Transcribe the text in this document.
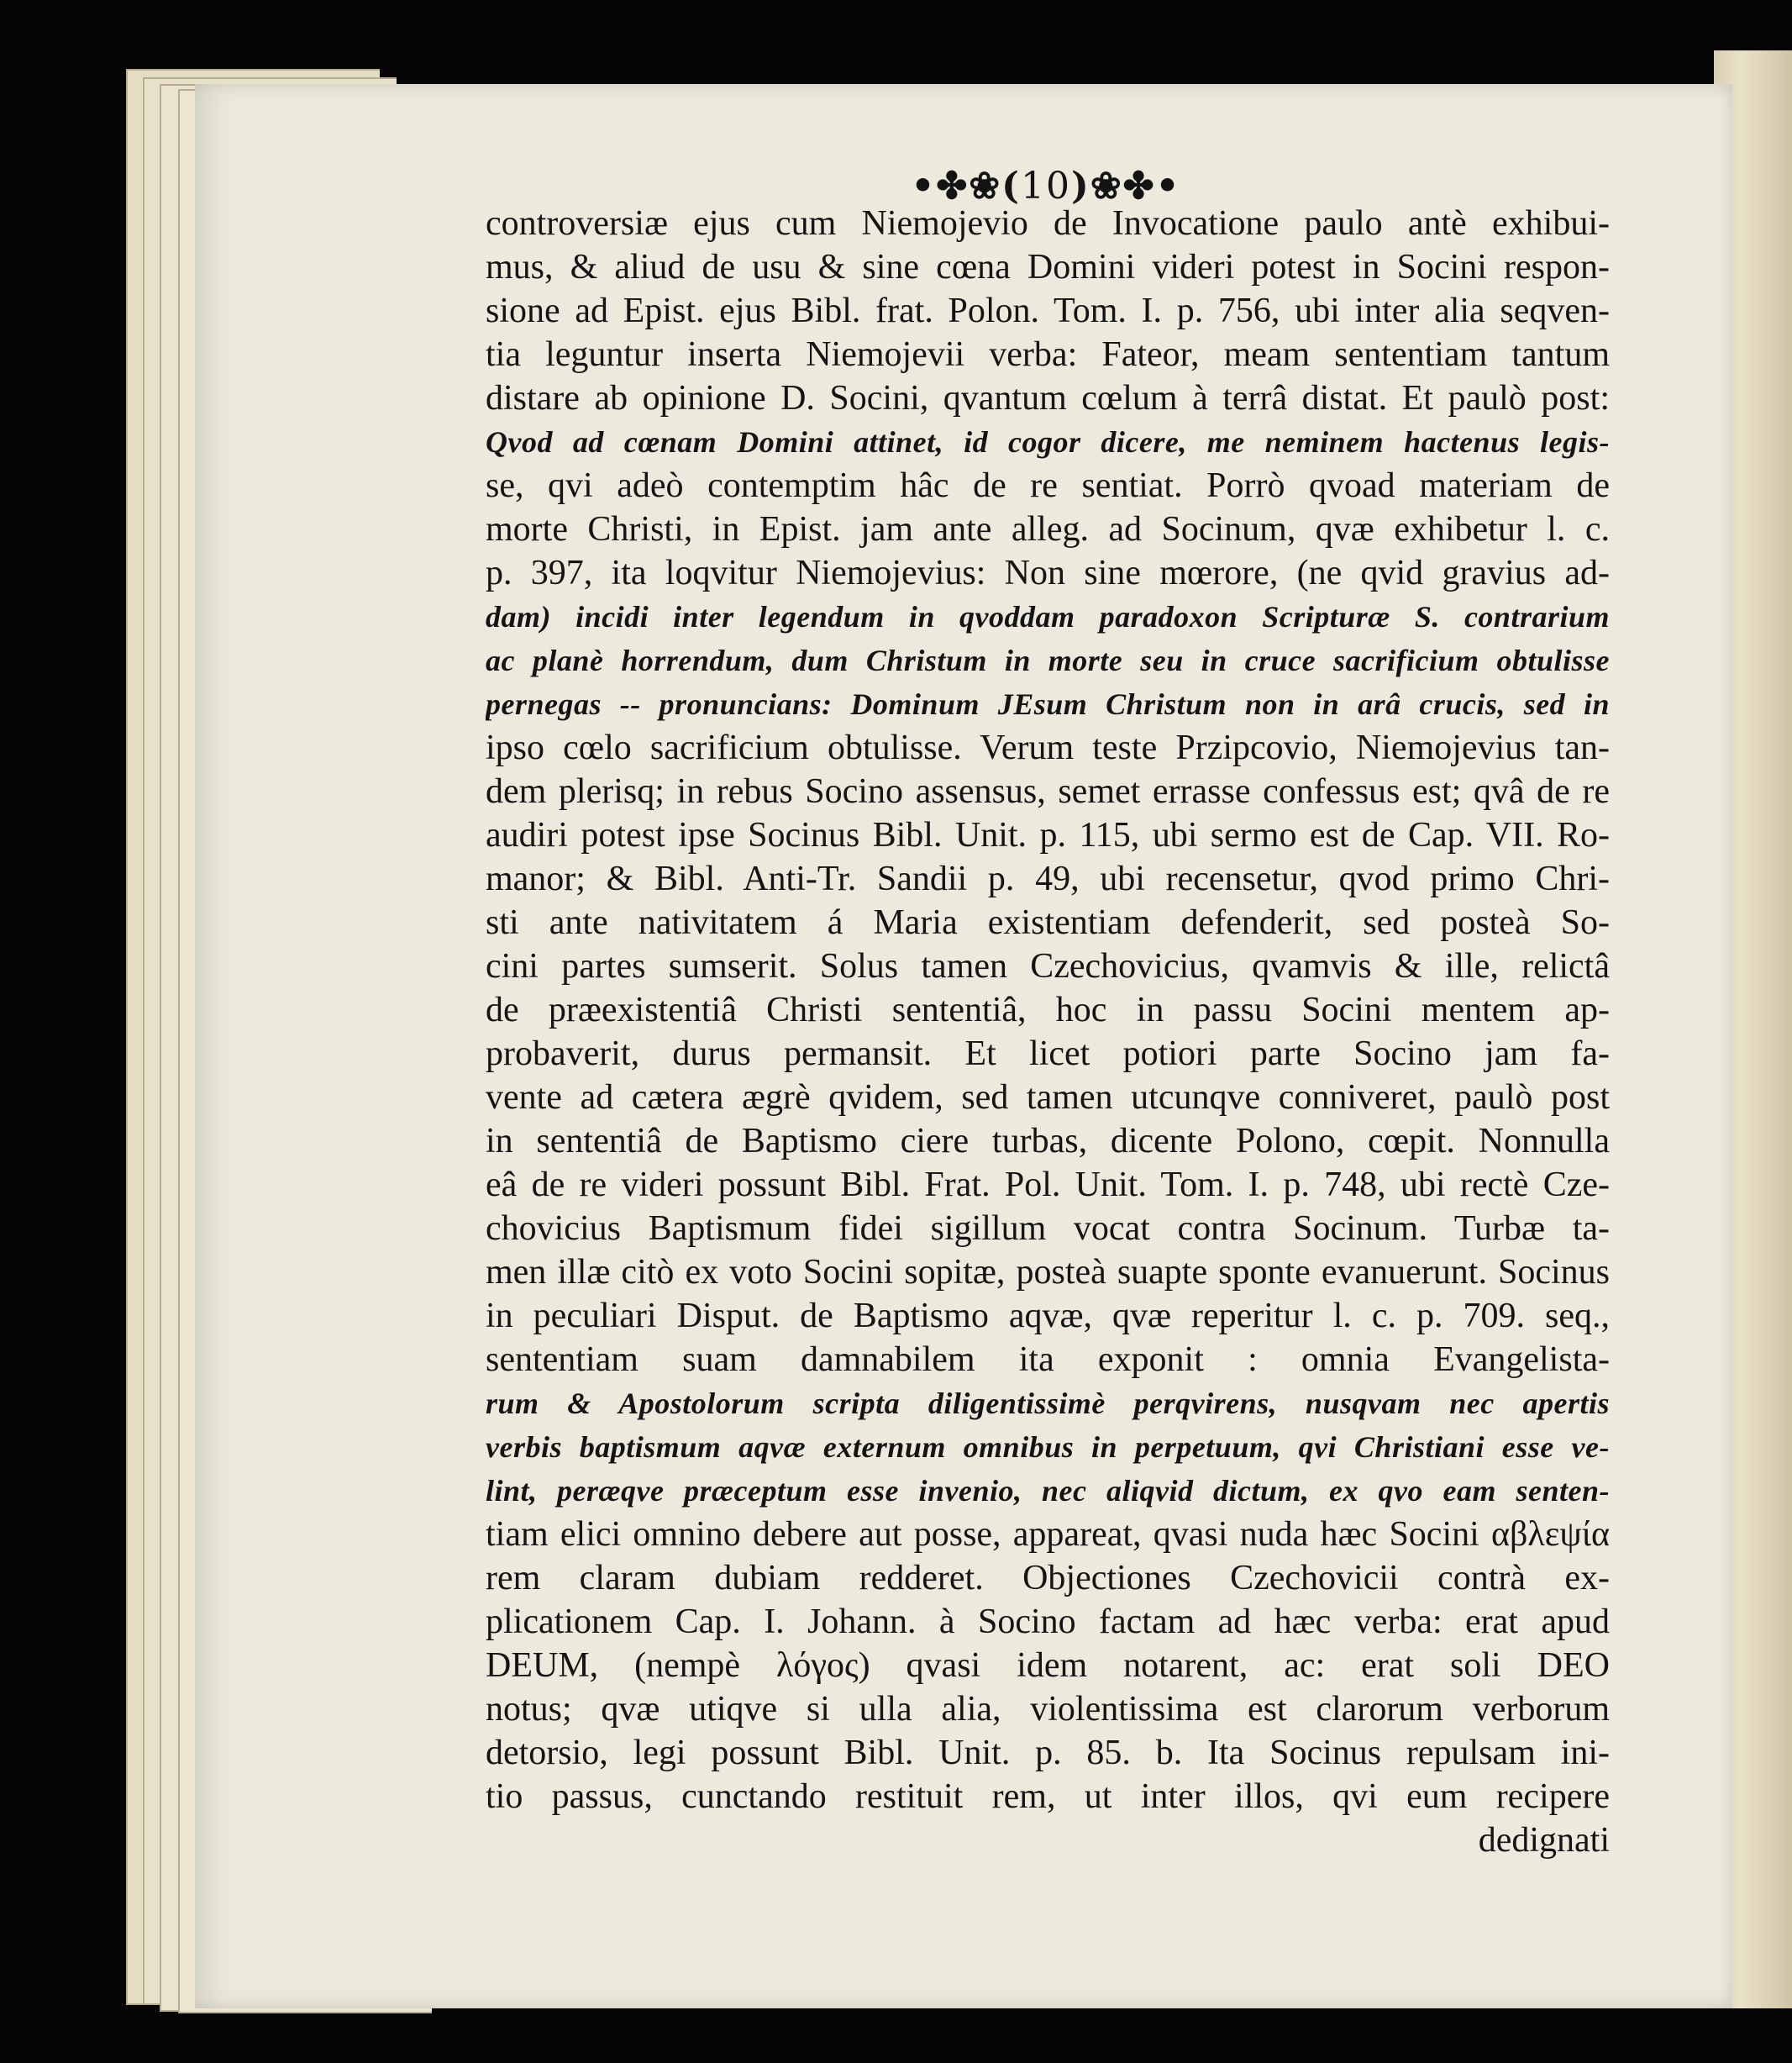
•✤❀(10)❀✤•
controversiæ ejus cum Niemojevio de Invocatione paulo antè exhibui-
mus, & aliud de usu & sine cœna Domini videri potest in Socini respon-
sione ad Epist. ejus Bibl. frat. Polon. Tom. I. p. 756, ubi inter alia seqven-
tia leguntur inserta Niemojevii verba: Fateor, meam sententiam tantum
distare ab opinione D. Socini, qvantum cœlum à terrâ distat. Et paulò post:
Qvod ad cœnam Domini attinet, id cogor dicere, me neminem hactenus legis-
se, qvi adeò contemptim hâc de re sentiat. Porrò qvoad materiam de
morte Christi, in Epist. jam ante alleg. ad Socinum, qvæ exhibetur l. c.
p. 397, ita loqvitur Niemojevius: Non sine mœrore, (ne qvid gravius ad-
dam) incidi inter legendum in qvoddam paradoxon Scripturæ S. contrarium
ac planè horrendum, dum Christum in morte seu in cruce sacrificium obtulisse
pernegas -- pronuncians: Dominum JEsum Christum non in arâ crucis, sed in
ipso cœlo sacrificium obtulisse. Verum teste Przipcovio, Niemojevius tan-
dem plerisq; in rebus Socino assensus, semet errasse confessus est; qvâ de re
audiri potest ipse Socinus Bibl. Unit. p. 115, ubi sermo est de Cap. VII. Ro-
manor; & Bibl. Anti-Tr. Sandii p. 49, ubi recensetur, qvod primo Chri-
sti ante nativitatem á Maria existentiam defenderit, sed posteà So-
cini partes sumserit. Solus tamen Czechovicius, qvamvis & ille, relictâ
de præexistentiâ Christi sententiâ, hoc in passu Socini mentem ap-
probaverit, durus permansit. Et licet potiori parte Socino jam fa-
vente ad cætera ægrè qvidem, sed tamen utcunqve conniveret, paulò post
in sententiâ de Baptismo ciere turbas, dicente Polono, cœpit. Nonnulla
eâ de re videri possunt Bibl. Frat. Pol. Unit. Tom. I. p. 748, ubi rectè Cze-
chovicius Baptismum fidei sigillum vocat contra Socinum. Turbæ ta-
men illæ citò ex voto Socini sopitæ, posteà suapte sponte evanuerunt. Socinus
in peculiari Disput. de Baptismo aqvæ, qvæ reperitur l. c. p. 709. seq.,
sententiam suam damnabilem ita exponit : omnia Evangelista-
rum & Apostolorum scripta diligentissimè perqvirens, nusqvam nec apertis
verbis baptismum aqvæ externum omnibus in perpetuum, qvi Christiani esse ve-
lint, peræqve præceptum esse invenio, nec aliqvid dictum, ex qvo eam senten-
tiam elici omnino debere aut posse, appareat, qvasi nuda hæc Socini αβλεψία
rem claram dubiam redderet. Objectiones Czechovicii contrà ex-
plicationem Cap. I. Johann. à Socino factam ad hæc verba: erat apud
DEUM, (nempè λόγος) qvasi idem notarent, ac: erat soli DEO
notus; qvæ utiqve si ulla alia, violentissima est clarorum verborum
detorsio, legi possunt Bibl. Unit. p. 85. b. Ita Socinus repulsam ini-
tio passus, cunctando restituit rem, ut inter illos, qvi eum recipere
dedignati
